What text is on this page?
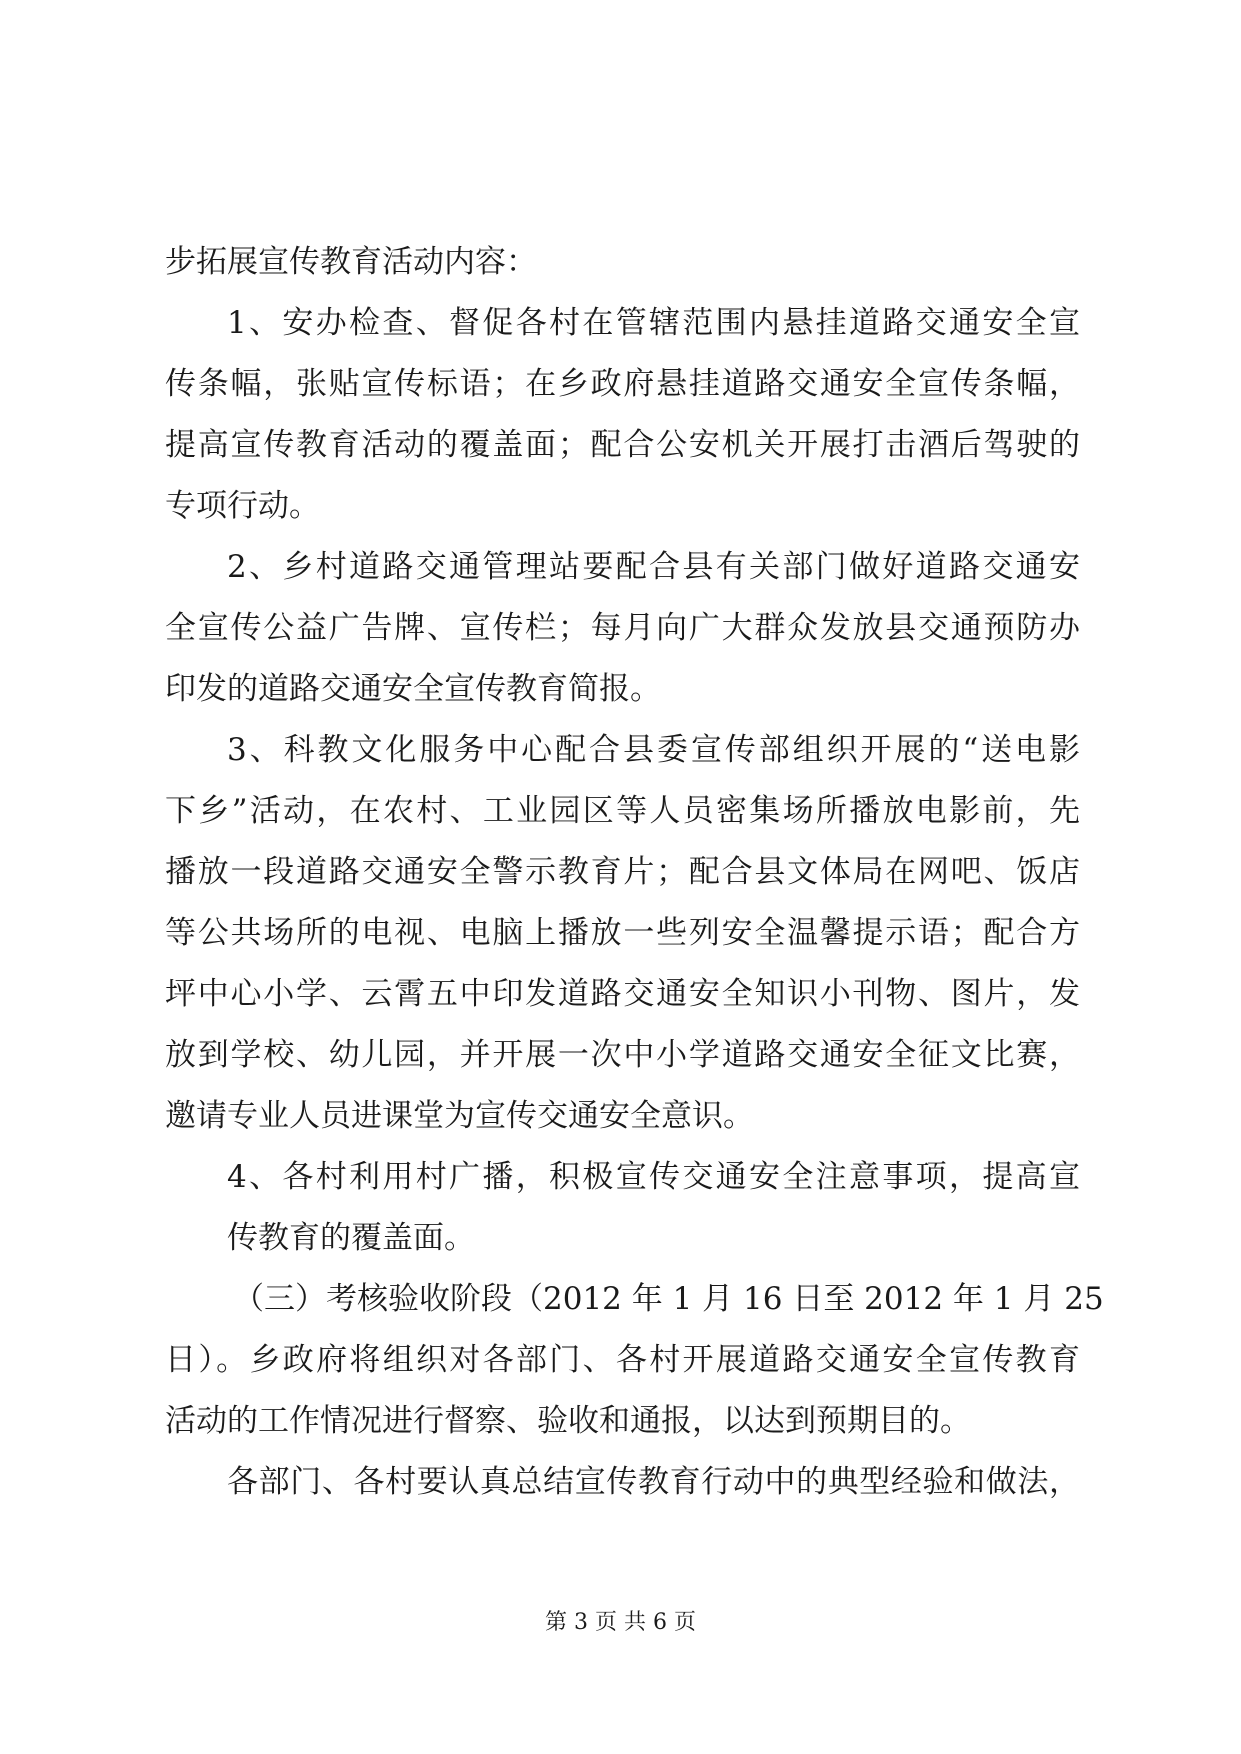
步拓展宣传教育活动内容：
1、安办检查、督促各村在管辖范围内悬挂道路交通安全宣
传条幅，张贴宣传标语；在乡政府悬挂道路交通安全宣传条幅，
提高宣传教育活动的覆盖面；配合公安机关开展打击酒后驾驶的
专项行动。
2、乡村道路交通管理站要配合县有关部门做好道路交通安
全宣传公益广告牌、宣传栏；每月向广大群众发放县交通预防办
印发的道路交通安全宣传教育简报。
3、科教文化服务中心配合县委宣传部组织开展的“送电影
下乡”活动，在农村、工业园区等人员密集场所播放电影前，先
播放一段道路交通安全警示教育片；配合县文体局在网吧、饭店
等公共场所的电视、电脑上播放一些列安全温馨提示语；配合方
坪中心小学、云霄五中印发道路交通安全知识小刊物、图片，发
放到学校、幼儿园，并开展一次中小学道路交通安全征文比赛，
邀请专业人员进课堂为宣传交通安全意识。
4、各村利用村广播，积极宣传交通安全注意事项，提高宣
传教育的覆盖面。
（三）考核验收阶段（2012 年 1 月 16 日至 2012 年 1 月 25
日）。乡政府将组织对各部门、各村开展道路交通安全宣传教育
活动的工作情况进行督察、验收和通报，以达到预期目的。
各部门、各村要认真总结宣传教育行动中的典型经验和做法，
第 3 页 共 6 页
